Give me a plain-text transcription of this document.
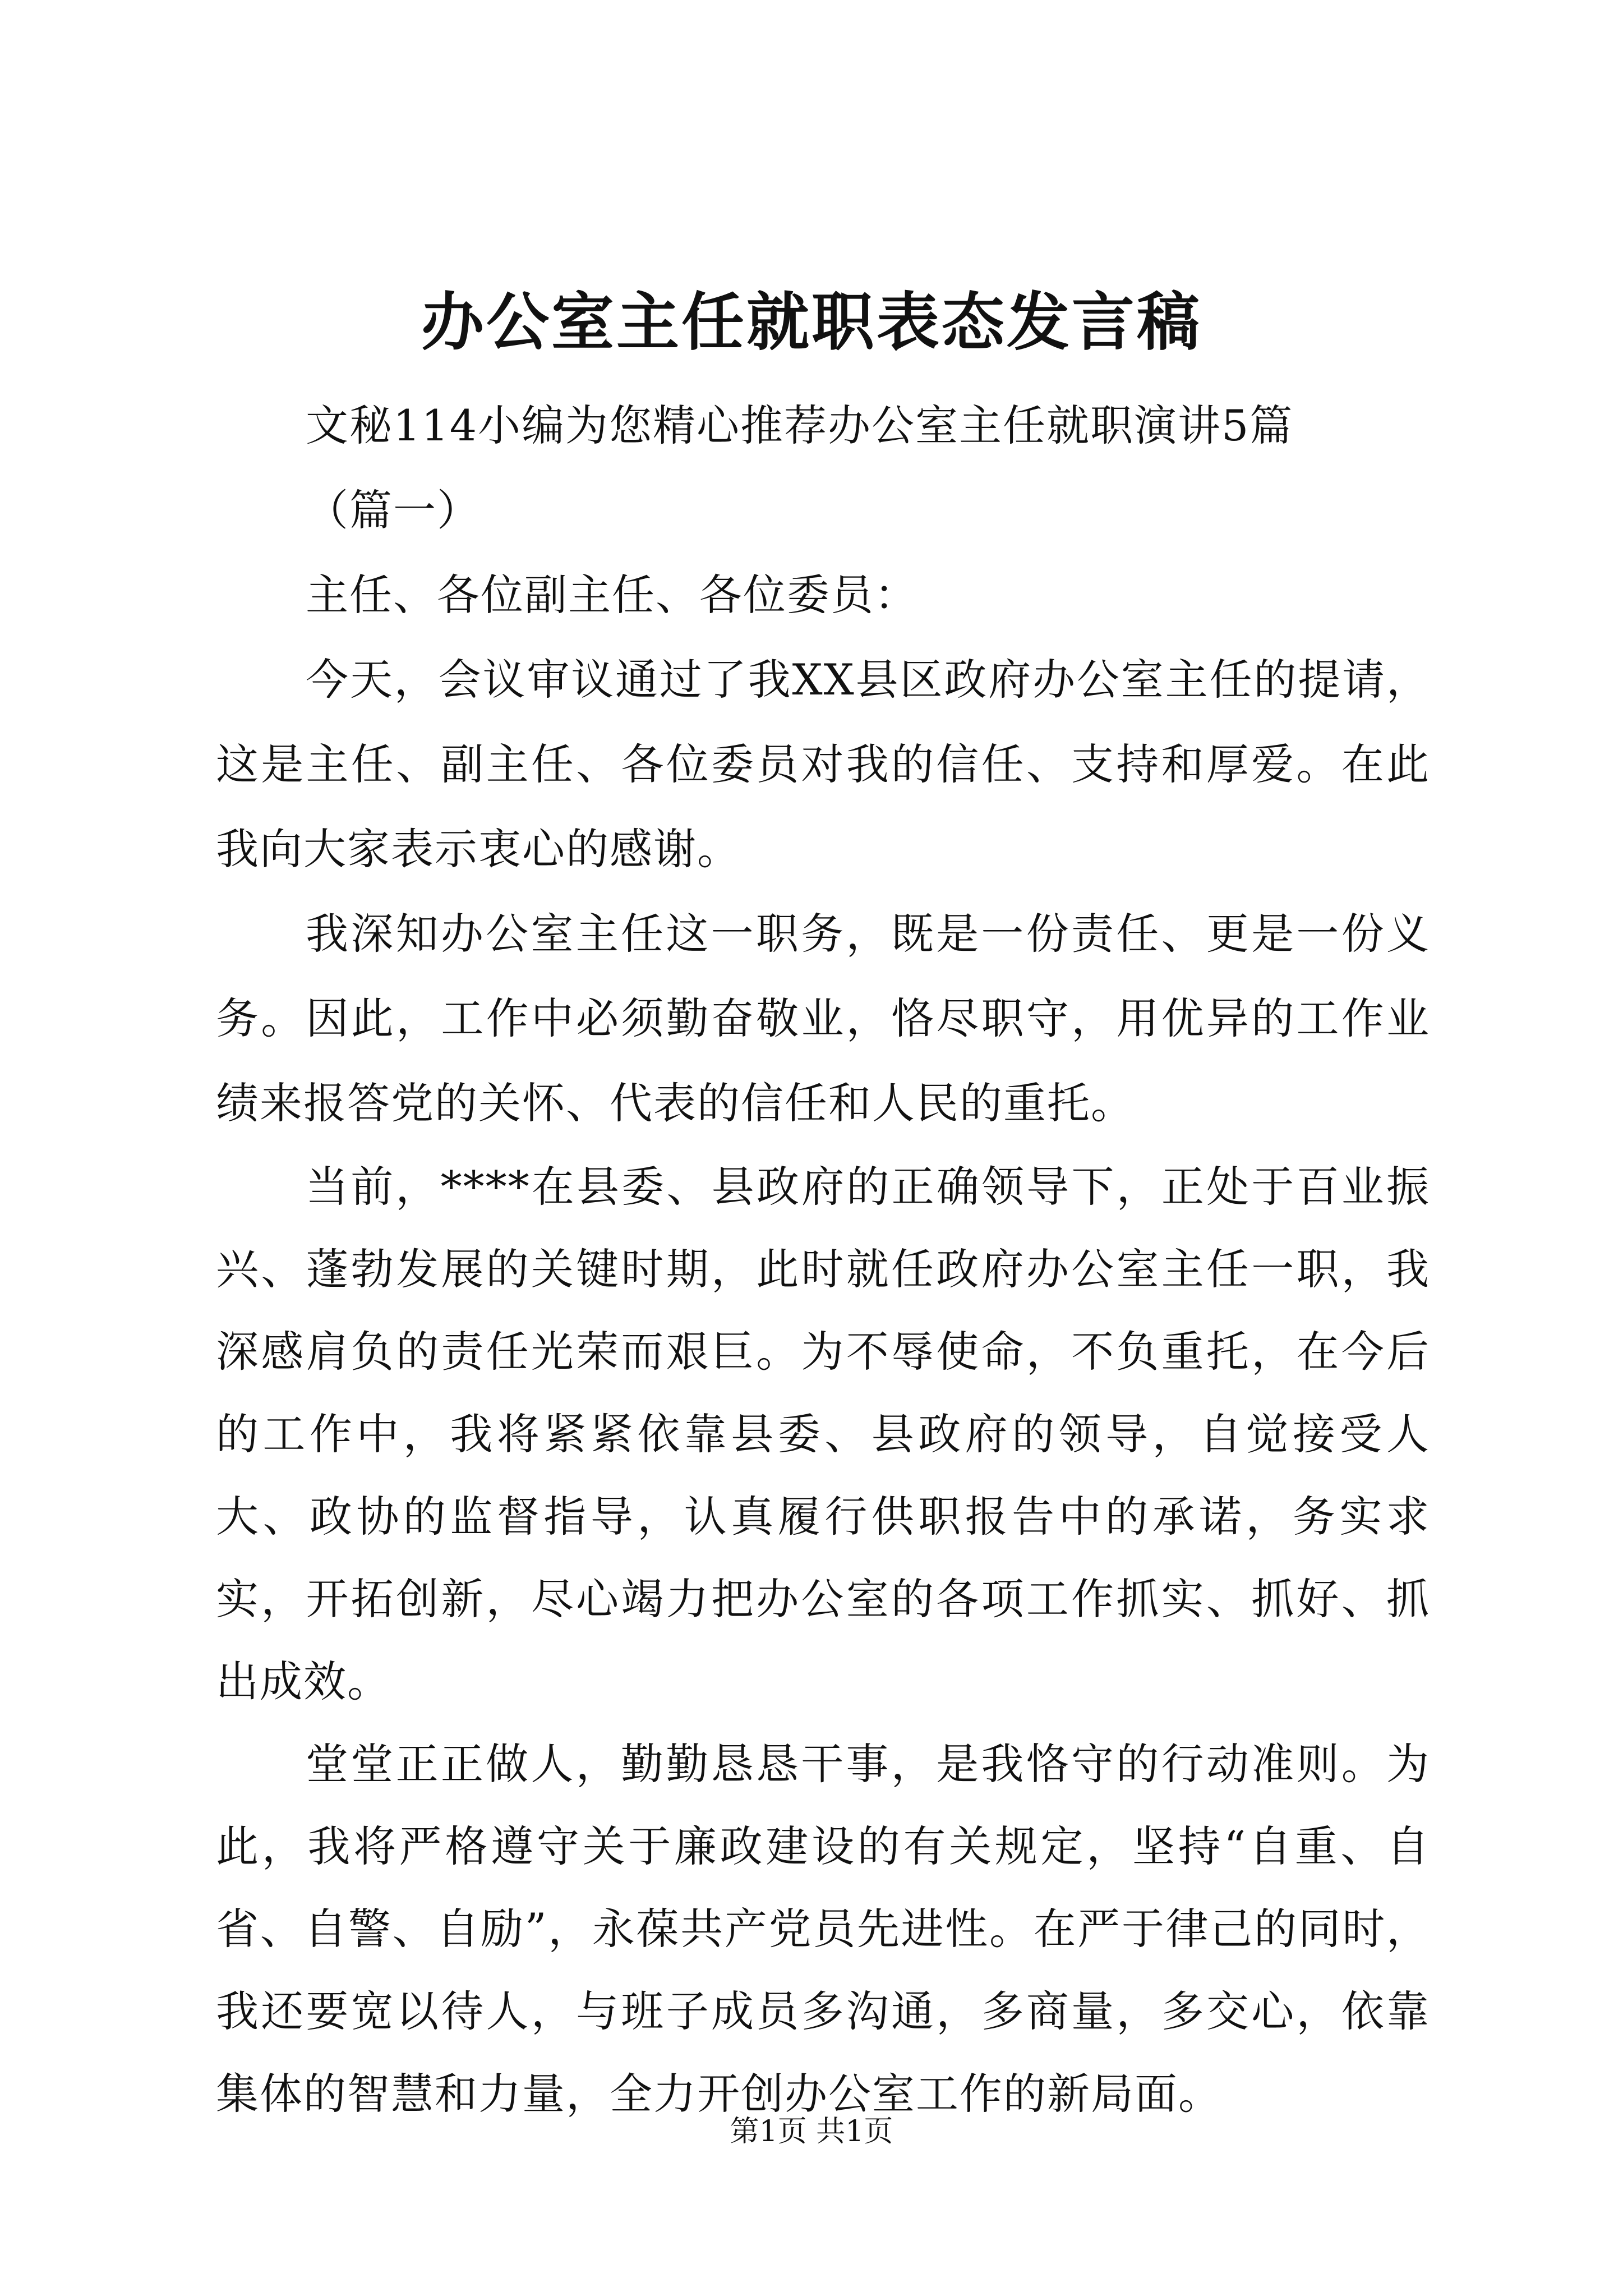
办公室主任就职表态发言稿

文秘114小编为您精心推荐办公室主任就职演讲5篇

（篇一）

主任、各位副主任、各位委员：

今天，会议审议通过了我XX县区政府办公室主任的提请，这是主任、副主任、各位委员对我的信任、支持和厚爱。在此我向大家表示衷心的感谢。

我深知办公室主任这一职务，既是一份责任、更是一份义务。因此，工作中必须勤奋敬业，恪尽职守，用优异的工作业绩来报答党的关怀、代表的信任和人民的重托。

当前，****在县委、县政府的正确领导下，正处于百业振兴、蓬勃发展的关键时期，此时就任政府办公室主任一职，我深感肩负的责任光荣而艰巨。为不辱使命，不负重托，在今后的工作中，我将紧紧依靠县委、县政府的领导，自觉接受人大、政协的监督指导，认真履行供职报告中的承诺，务实求实，开拓创新，尽心竭力把办公室的各项工作抓实、抓好、抓出成效。

堂堂正正做人，勤勤恳恳干事，是我恪守的行动准则。为此，我将严格遵守关于廉政建设的有关规定，坚持“自重、自省、自警、自励”，永葆共产党员先进性。在严于律己的同时，我还要宽以待人，与班子成员多沟通，多商量，多交心，依靠集体的智慧和力量，全力开创办公室工作的新局面。

第1页 共1页
